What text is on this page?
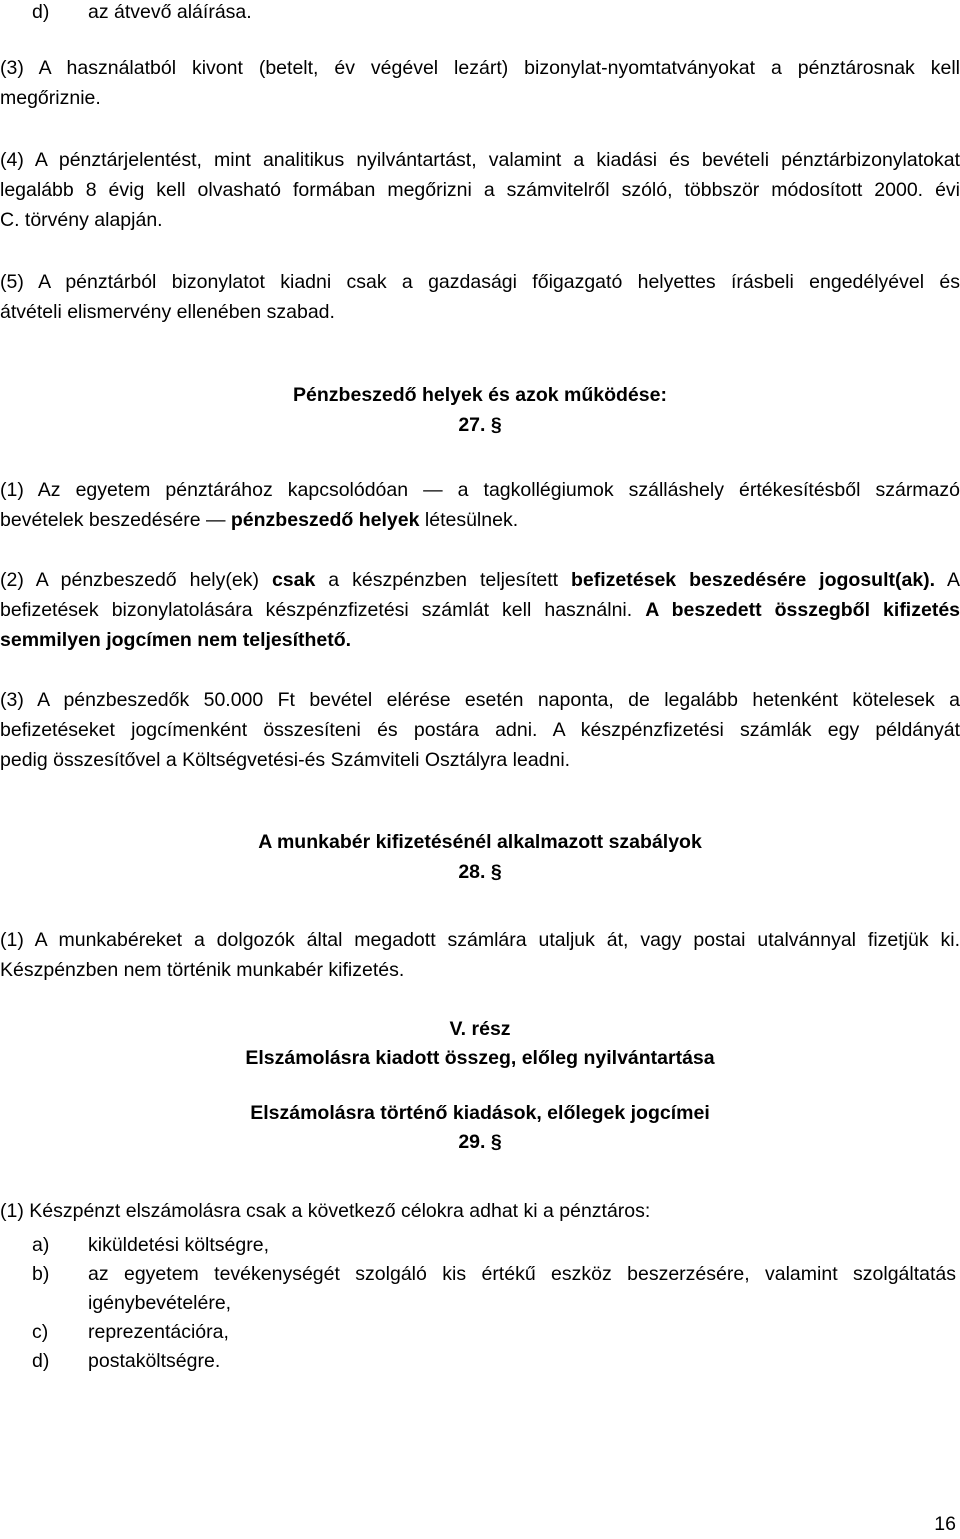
d) az átvevő aláírása.
(3) A használatból kivont (betelt, év végével lezárt) bizonylat-nyomtatványokat a pénztárosnak kell
megőriznie.
(4) A pénztárjelentést, mint analitikus nyilvántartást, valamint a kiadási és bevételi pénztárbizonylatokat
legalább 8 évig kell olvasható formában megőrizni a számvitelről szóló, többször módosított 2000. évi
C. törvény alapján.
(5) A pénztárból bizonylatot kiadni csak a gazdasági főigazgató helyettes írásbeli engedélyével és
átvételi elismervény ellenében szabad.
Pénzbeszedő helyek és azok működése:
27. §
(1) Az egyetem pénztárához kapcsolódóan — a tagkollégiumok szálláshely értékesítésből származó
bevételek beszedésére — pénzbeszedő helyek létesülnek.
(2) A pénzbeszedő hely(ek) csak a készpénzben teljesített befizetések beszedésére jogosult(ak). A
befizetések bizonylatolására készpénzfizetési számlát kell használni. A beszedett összegből kifizetés
semmilyen jogcímen nem teljesíthető.
(3) A pénzbeszedők 50.000 Ft bevétel elérése esetén naponta, de legalább hetenként kötelesek a
befizetéseket jogcímenként összesíteni és postára adni. A készpénzfizetési számlák egy példányát
pedig összesítővel a Költségvetési-és Számviteli Osztályra leadni.
A munkabér kifizetésénél alkalmazott szabályok
28. §
(1) A munkabéreket a dolgozók által megadott számlára utaljuk át, vagy postai utalvánnyal fizetjük ki.
Készpénzben nem történik munkabér kifizetés.
V. rész
Elszámolásra kiadott összeg, előleg nyilvántartása
Elszámolásra történő kiadások, előlegek jogcímei
29. §
(1) Készpénzt elszámolásra csak a következő célokra adhat ki a pénztáros:
a) kiküldetési költségre,
b) az egyetem tevékenységét szolgáló kis értékű eszköz beszerzésére, valamint szolgáltatás
igénybevételére,
c) reprezentációra,
d) postaköltségre.
16
